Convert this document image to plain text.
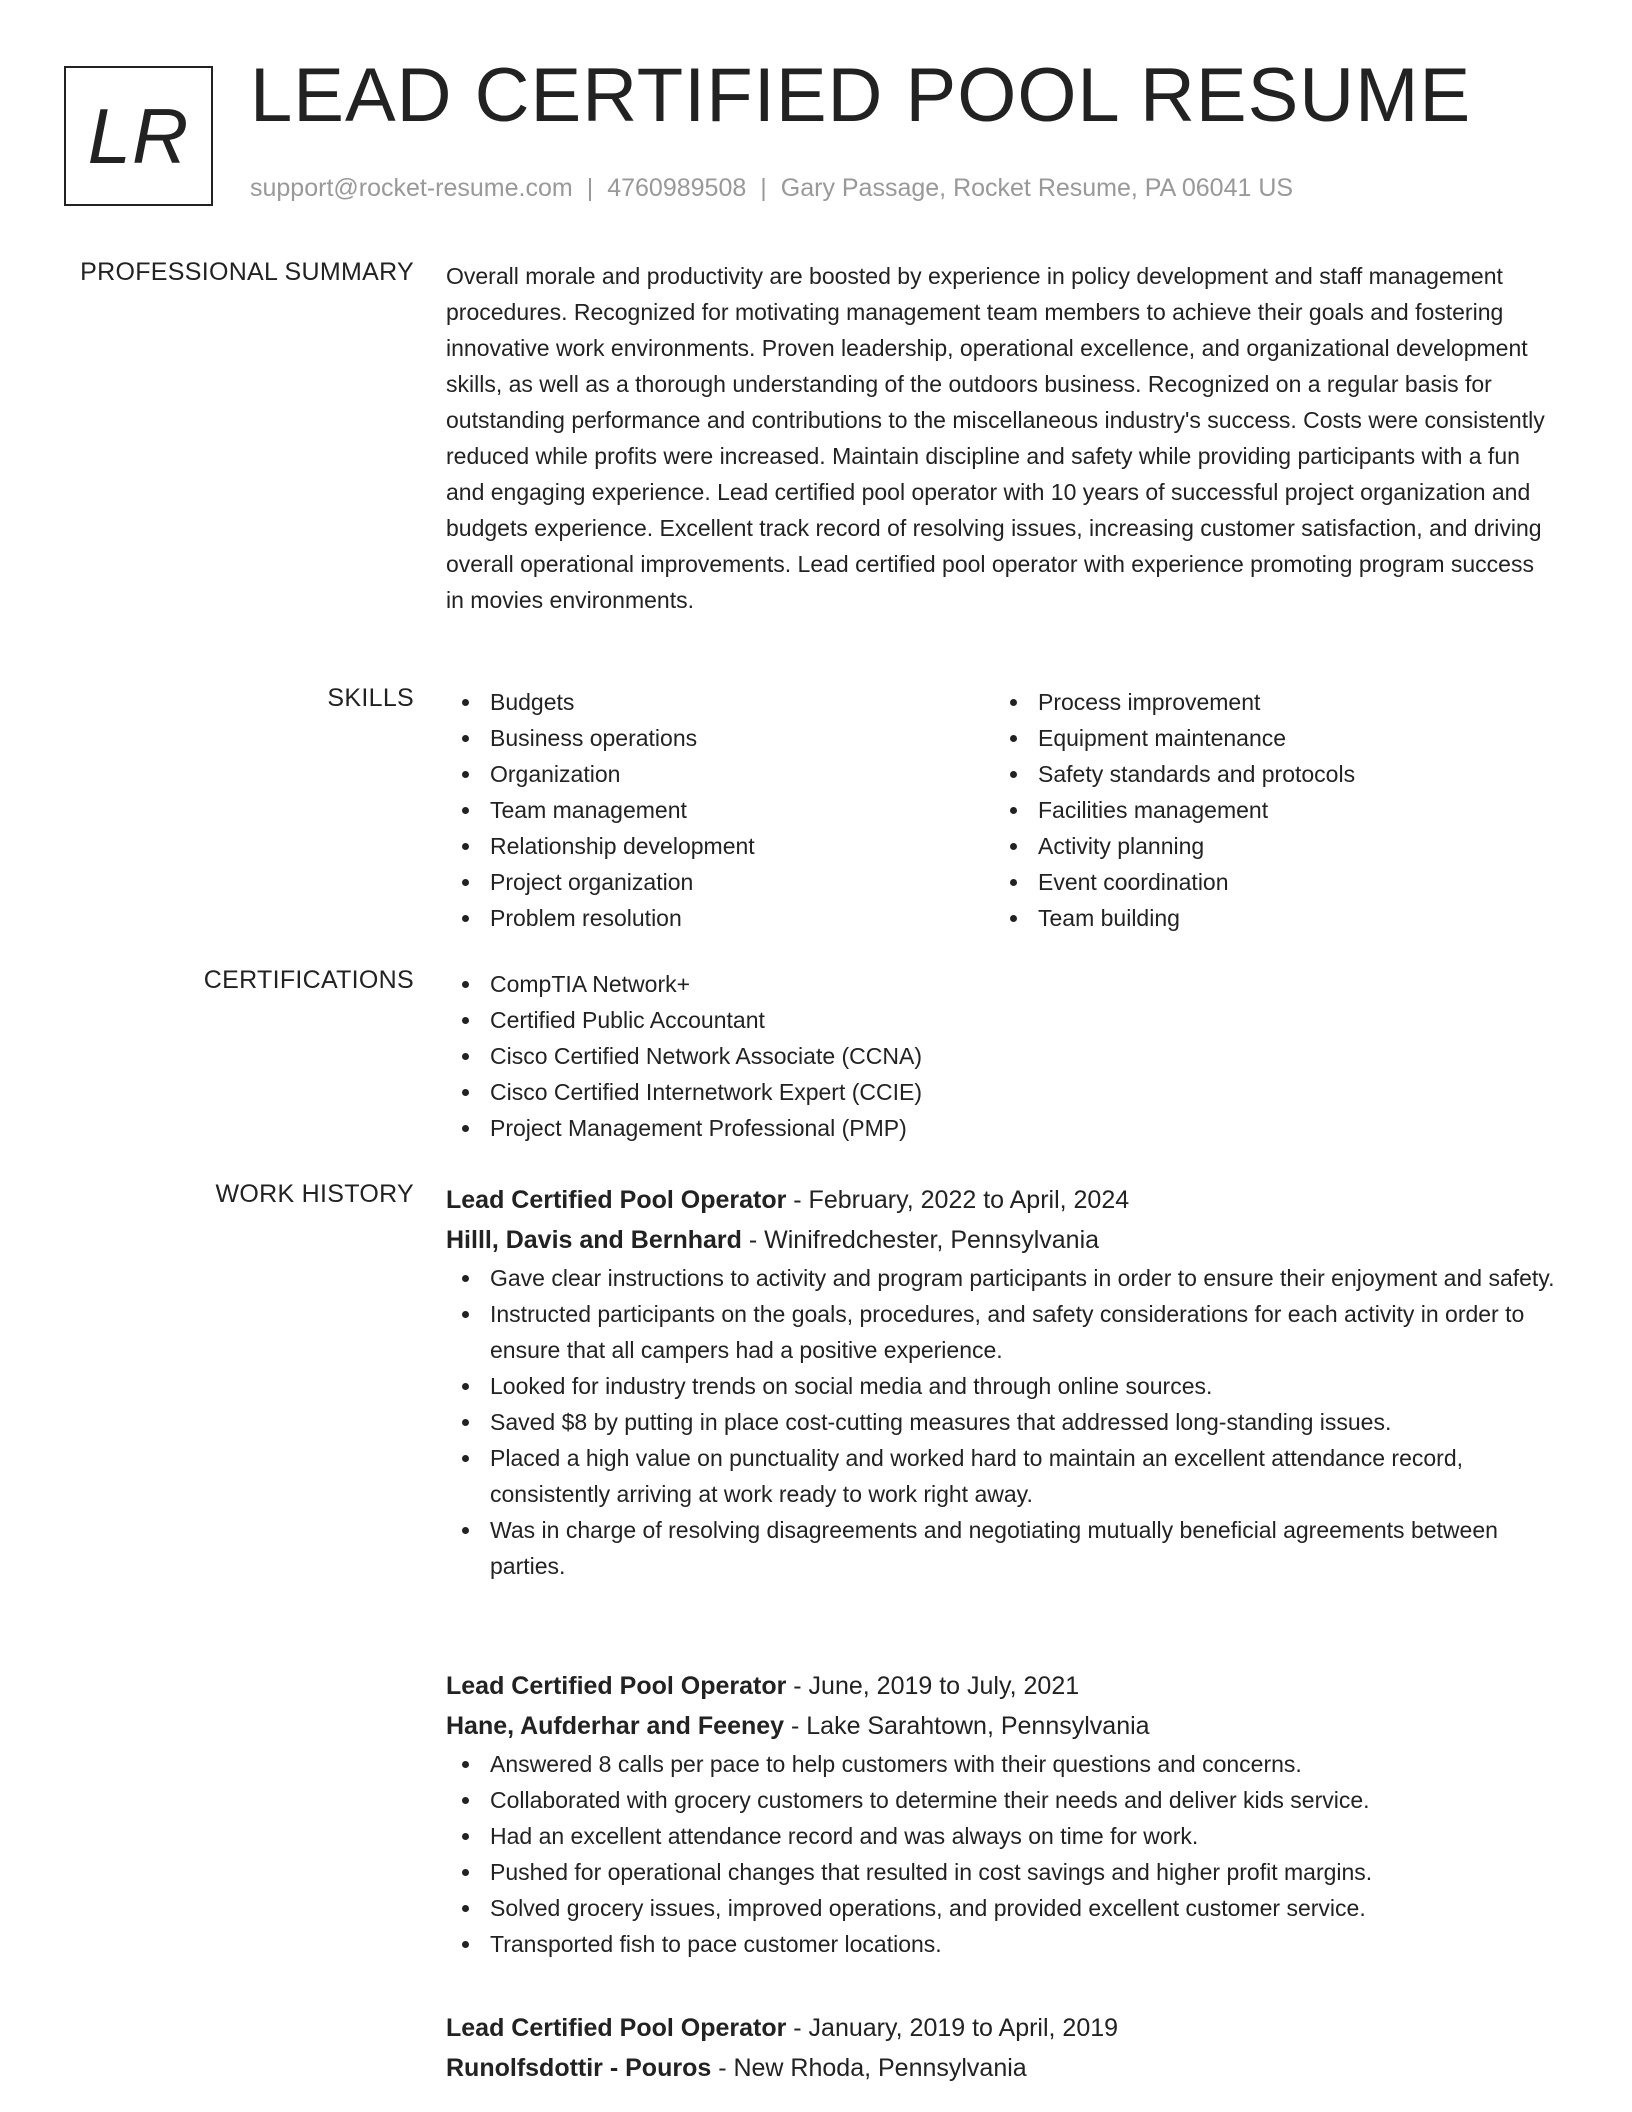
LR LEAD CERTIFIED POOL RESUME
support@rocket-resume.com | 4760989508 | Gary Passage, Rocket Resume, PA 06041 US
PROFESSIONAL SUMMARY Overall morale and productivity are boosted by experience in policy development and staff management procedures. Recognized for motivating management team members to achieve their goals and fostering innovative work environments. Proven leadership, operational excellence, and organizational development skills, as well as a thorough understanding of the outdoors business. Recognized on a regular basis for outstanding performance and contributions to the miscellaneous industry's success. Costs were consistently reduced while profits were increased. Maintain discipline and safety while providing participants with a fun and engaging experience. Lead certified pool operator with 10 years of successful project organization and budgets experience. Excellent track record of resolving issues, increasing customer satisfaction, and driving overall operational improvements. Lead certified pool operator with experience promoting program success in movies environments.

SKILLS	Budgets
Business operations
Organization
Team management
Relationship development
Project organization
Problem resolution
Process improvement
Equipment maintenance
Safety standards and protocols
Facilities management
Activity planning
Event coordination
Team building
CERTIFICATIONS	CompTIA Network+
Certified Public Accountant
Cisco Certified Network Associate (CCNA)
Cisco Certified Internetwork Expert (CCIE)
Project Management Professional (PMP)
WORK HISTORY Lead Certified Pool Operator - February, 2022 to April, 2024
Hilll, Davis and Bernhard - Winifredchester, Pennsylvania
Gave clear instructions to activity and program participants in order to ensure their enjoyment and safety.
Instructed participants on the goals, procedures, and safety considerations for each activity in order to ensure that all campers had a positive experience.
Looked for industry trends on social media and through online sources.
Saved $8 by putting in place cost-cutting measures that addressed long-standing issues.
Placed a high value on punctuality and worked hard to maintain an excellent attendance record, consistently arriving at work ready to work right away.
Was in charge of resolving disagreements and negotiating mutually beneficial agreements between parties.
Lead Certified Pool Operator - June, 2019 to July, 2021
Hane, Aufderhar and Feeney - Lake Sarahtown, Pennsylvania
Answered 8 calls per pace to help customers with their questions and concerns.
Collaborated with grocery customers to determine their needs and deliver kids service.
Had an excellent attendance record and was always on time for work.
Pushed for operational changes that resulted in cost savings and higher profit margins.
Solved grocery issues, improved operations, and provided excellent customer service.
Transported fish to pace customer locations.
Lead Certified Pool Operator - January, 2019 to April, 2019
Runolfsdottir - Pouros - New Rhoda, Pennsylvania
